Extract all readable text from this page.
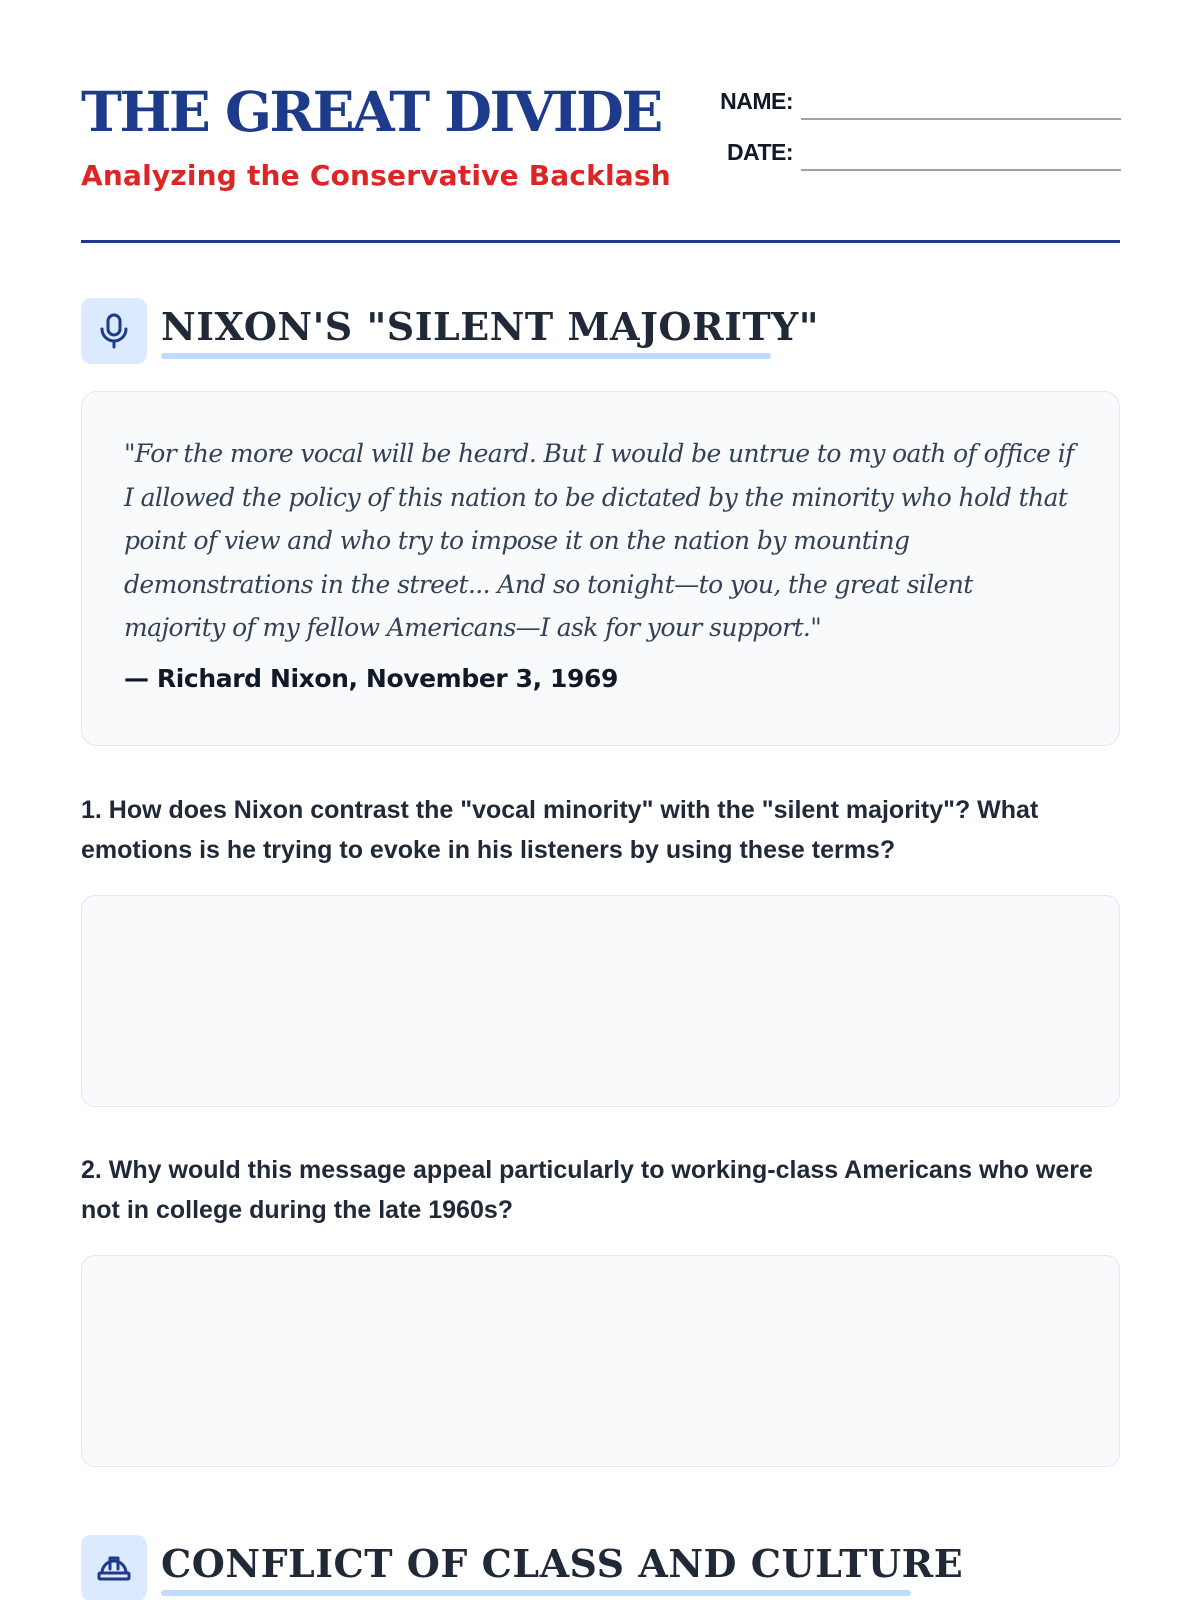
THE GREAT DIVIDE
Analyzing the Conservative Backlash
NAME:
DATE:
NIXON'S "SILENT MAJORITY"
"For the more vocal will be heard. But I would be untrue to my oath of office if I allowed the policy of this nation to be dictated by the minority who hold that point of view and who try to impose it on the nation by mounting demonstrations in the street... And so tonight—to you, the great silent majority of my fellow Americans—I ask for your support."
— Richard Nixon, November 3, 1969
1. How does Nixon contrast the "vocal minority" with the "silent majority"? What emotions is he trying to evoke in his listeners by using these terms?
2. Why would this message appeal particularly to working-class Americans who were not in college during the late 1960s?
CONFLICT OF CLASS AND CULTURE
